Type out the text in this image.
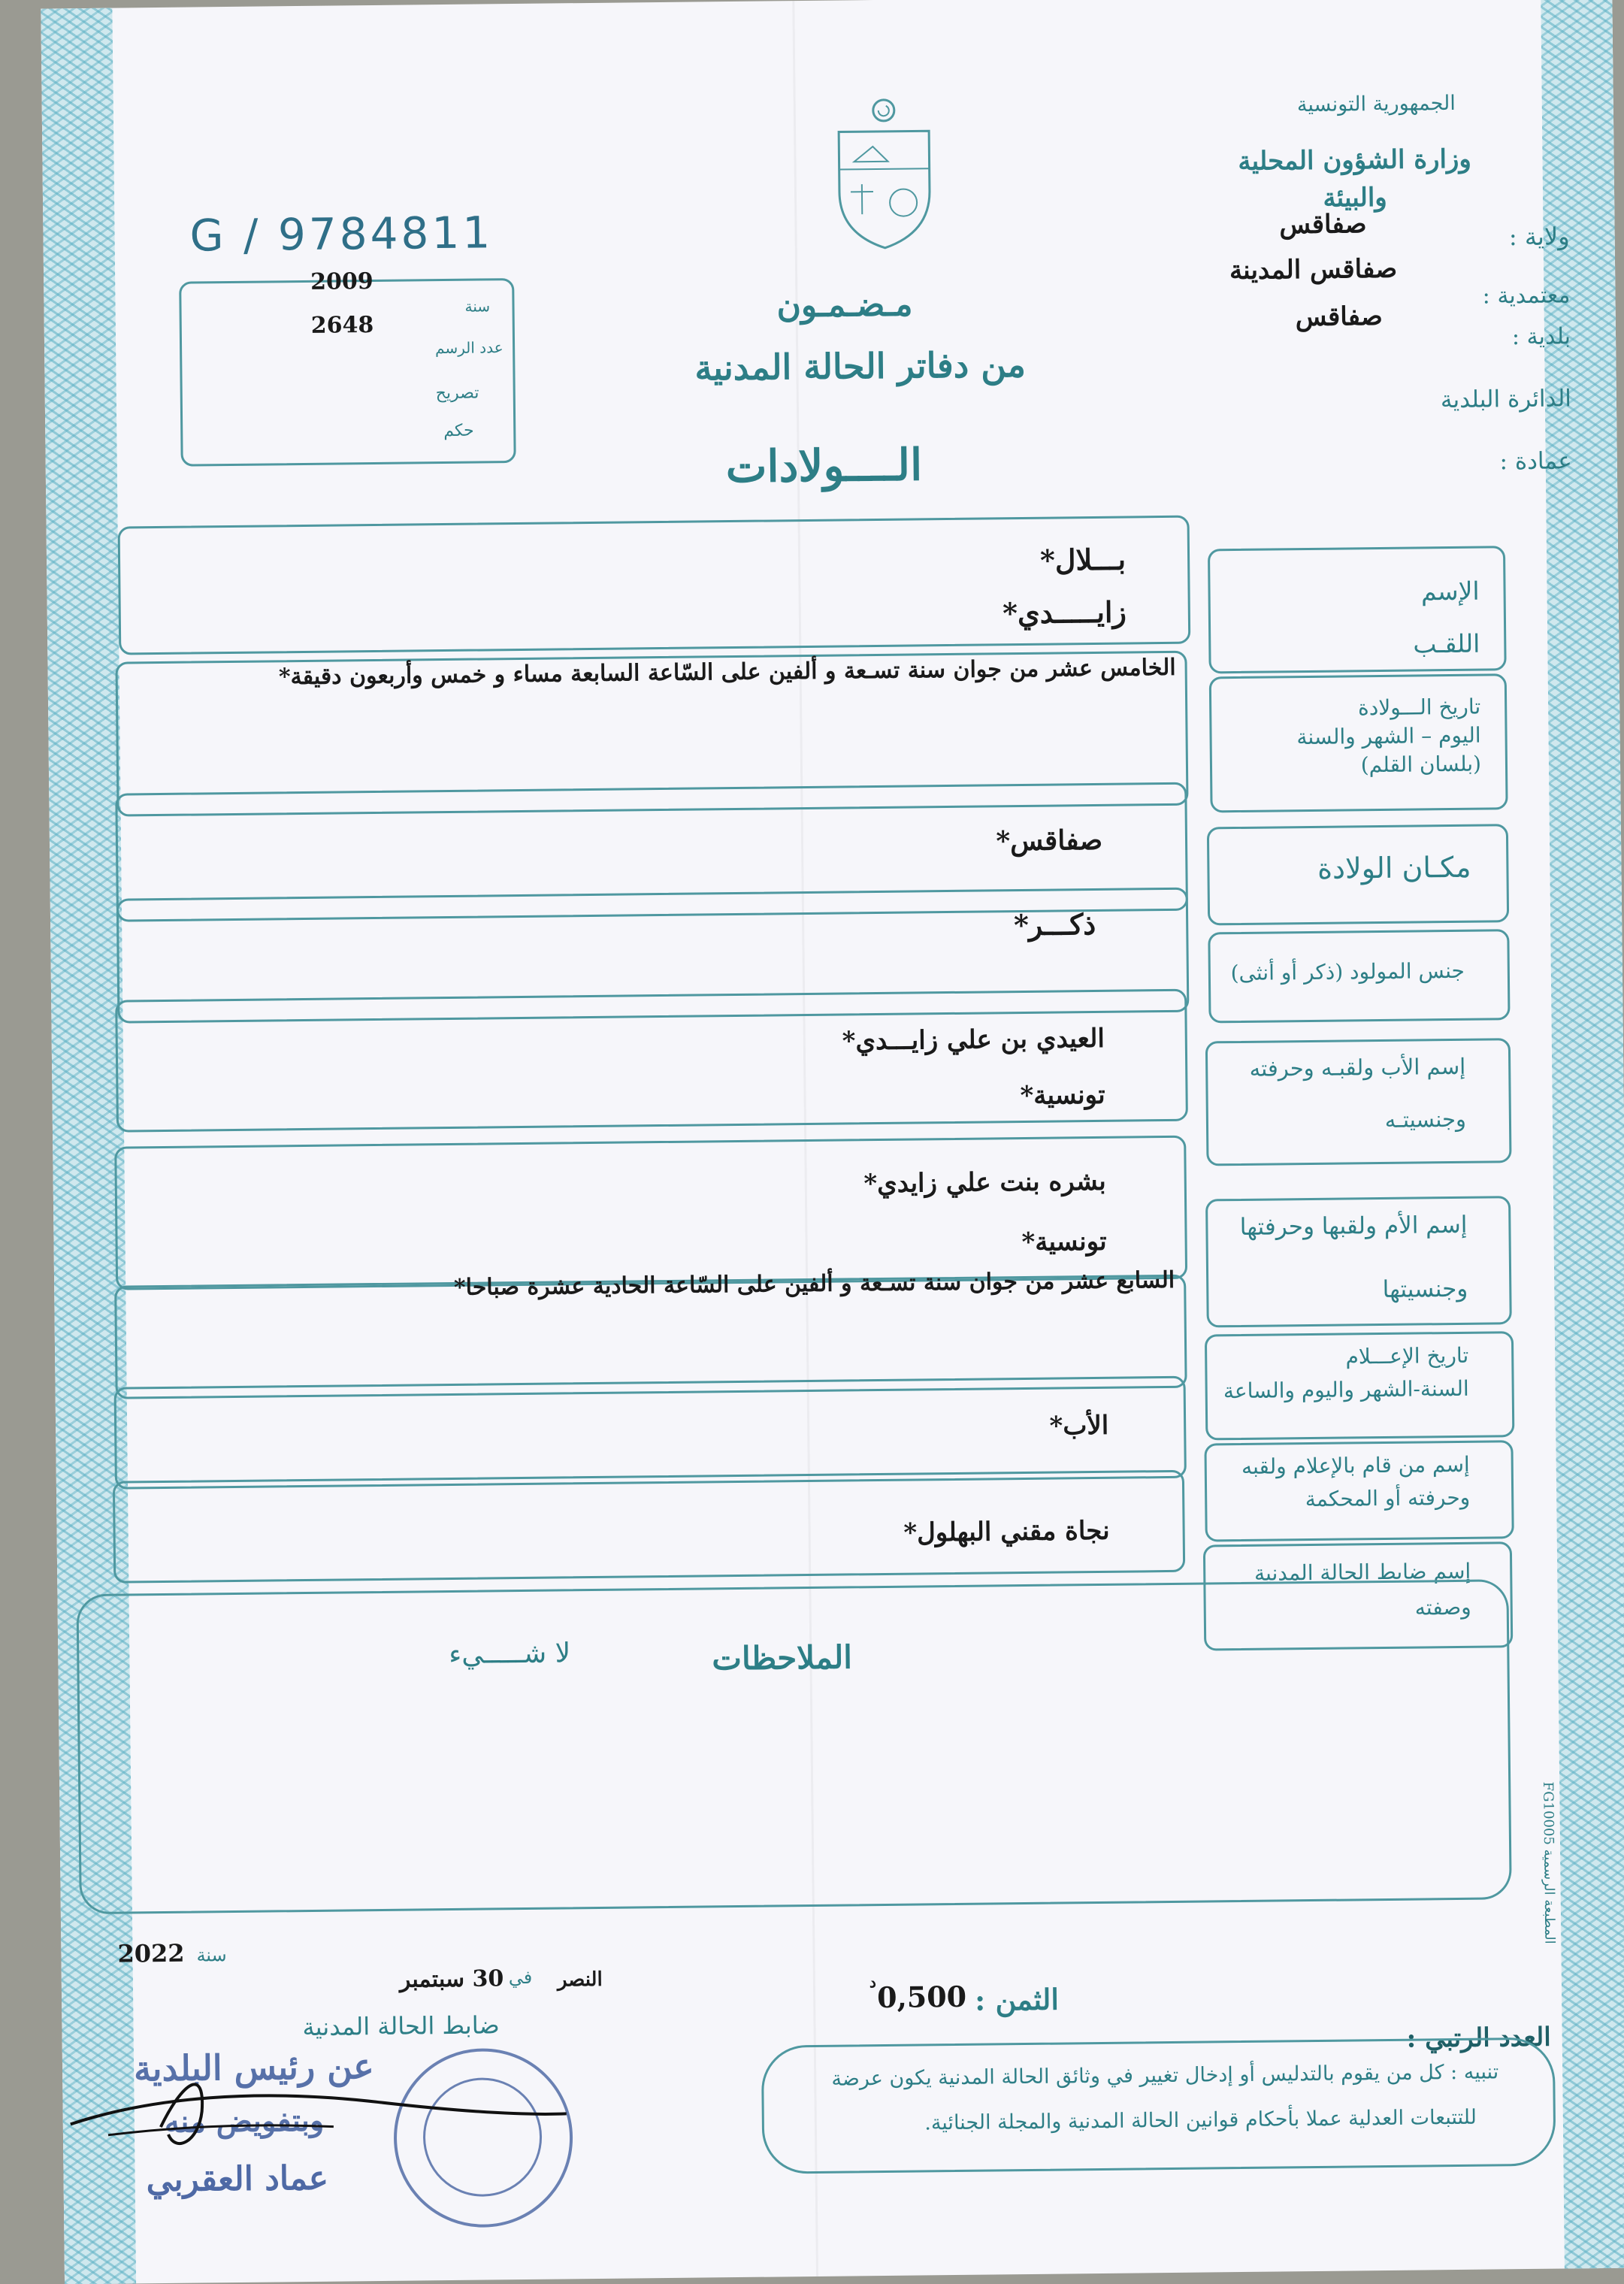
الجمهورية التونسية
وزارة الشؤون المحلية والبيئة
ولاية :
صفاقس
معتمدية :
صفاقس المدينة
بلدية :
صفاقس
الدائرة البلدية
عمادة :
G / 9784811
2009
سنة
2648
عدد الرسم
تصريح
حكم
مـضـمـون
من دفاتر الحالة المدنية
الــــولادات
الإسم
اللقـب
بـــلال*
زايـــــدي*
تاريخ الـــولادة
اليوم – الشهر والسنة
(بلسان القلم)
الخامس عشر من جوان سنة تسـعة و ألفين على السّاعة السابعة مساء و خمس وأربعون دقيقة*
مكـان الولادة
صفاقس*
جنس المولود (ذكر أو أنثى)
ذكـــر*
إسم الأب ولقبـه وحرفته
وجنسيتـه
العيدي بن علي زايـــدي*
تونسية*
إسم الأم ولقبها وحرفتها
وجنسيتها
بشره بنت علي زايدي*
تونسية*
تاريخ الإعـــلام
السنة-الشهر واليوم والساعة
السابع عشر من جوان سنة تسـعة و ألفين على السّاعة الحادية عشرة صباحا*
إسم من قام بالإعلام ولقبه
وحرفته أو المحكمة
الأب*
إسم ضابط الحالة المدنية
وصفته
نجاة مقني البهلول*
الملاحظات
لا شـــــيء
المطبعة الرسمية FG10005
2022 سنة
30 سبتمبر في النصر
ضابط الحالة المدنية
الثمن :
0,500
د
العدد الرتبي :
تنبيه : كل من يقوم بالتدليس أو إدخال تغيير في وثائق الحالة المدنية يكون عرضة
للتتبعات العدلية عملا بأحكام قوانين الحالة المدنية والمجلة الجنائية.
عن رئيس البلدية
وبتفويض منه
عماد العقربي
